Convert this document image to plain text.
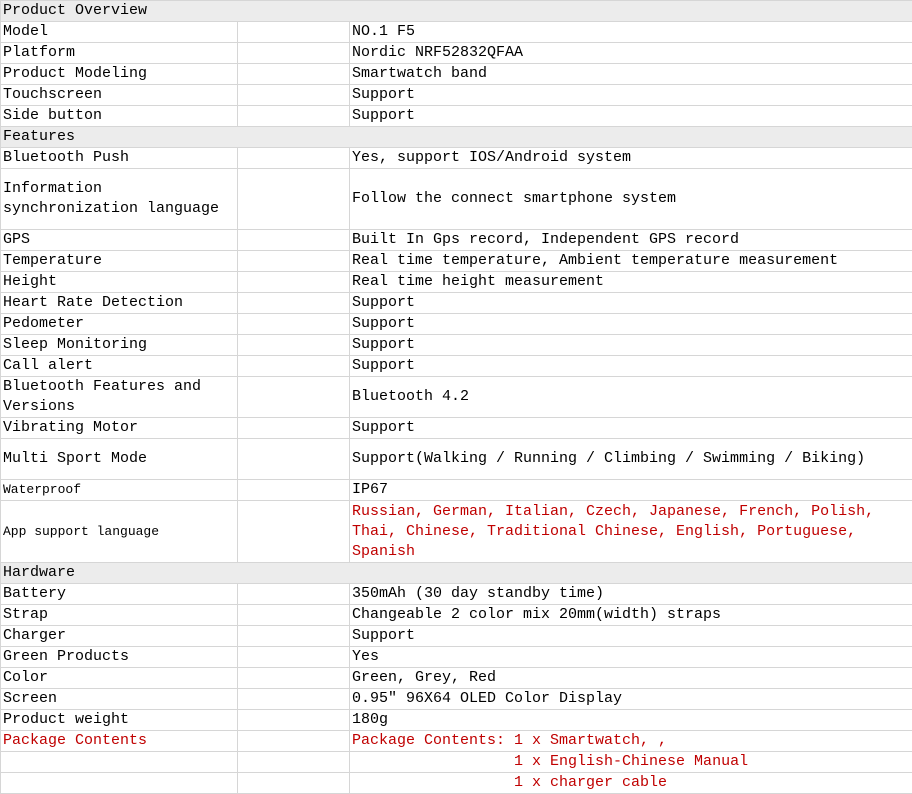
Product Overview		
Model		NO.1 F5
Platform		Nordic NRF52832QFAA
Product Modeling		Smartwatch band
Touchscreen		Support
Side button		Support
Features		
Bluetooth Push		Yes, support IOS/Android system
Information synchronization language		Follow the connect smartphone system
GPS		Built In Gps record, Independent GPS record
Temperature		Real time temperature, Ambient temperature measurement
Height		Real time height measurement
Heart Rate Detection		Support
Pedometer		Support
Sleep Monitoring		Support
Call alert		Support
Bluetooth Features and Versions		Bluetooth 4.2
Vibrating Motor		Support
Multi Sport Mode		Support(Walking / Running / Climbing / Swimming / Biking)
Waterproof		IP67
App support language		Russian, German, Italian, Czech, Japanese, French, Polish, Thai, Chinese, Traditional Chinese, English, Portuguese, Spanish
Hardware		
Battery		350mAh (30 day standby time)
Strap		Changeable 2 color mix 20mm(width) straps
Charger		Support
Green Products		Yes
Color		Green, Grey, Red
Screen		0.95″ 96X64 OLED Color Display
Product weight		180g
Package Contents		Package Contents: 1 x Smartwatch, ,
		1 x English-Chinese Manual
		1 x charger cable
